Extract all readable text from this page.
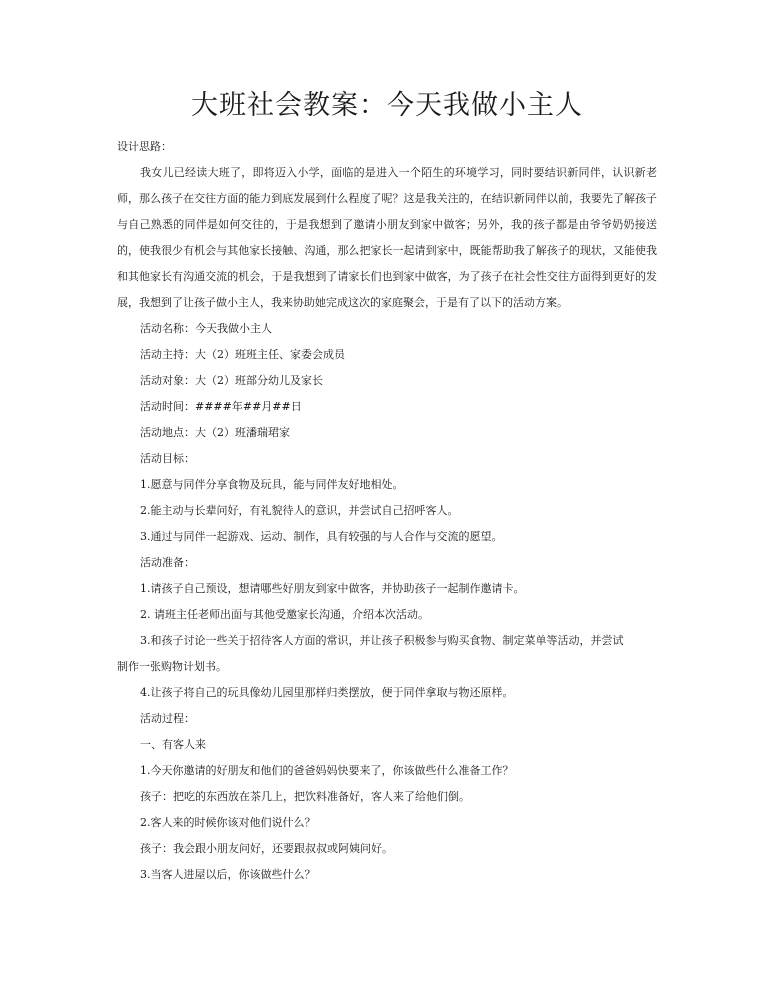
大班社会教案：今天我做小主人

设计思路：

我女儿已经读大班了，即将迈入小学，面临的是进入一个陌生的环境学习，同时要结识新同伴，认识新老师，那么孩子在交往方面的能力到底发展到什么程度了呢？这是我关注的，在结识新同伴以前，我要先了解孩子与自己熟悉的同伴是如何交往的，于是我想到了邀请小朋友到家中做客；另外，我的孩子都是由爷爷奶奶接送的，使我很少有机会与其他家长接触、沟通，那么把家长一起请到家中，既能帮助我了解孩子的现状，又能使我和其他家长有沟通交流的机会，于是我想到了请家长们也到家中做客，为了孩子在社会性交往方面得到更好的发展，我想到了让孩子做小主人，我来协助她完成这次的家庭聚会，于是有了以下的活动方案。

活动名称：今天我做小主人

活动主持：大（2）班班主任、家委会成员

活动对象：大（2）班部分幼儿及家长

活动时间：####年##月##日

活动地点：大（2）班潘瑞珺家

活动目标：

1.愿意与同伴分享食物及玩具，能与同伴友好地相处。

2.能主动与长辈问好，有礼貌待人的意识，并尝试自己招呼客人。

3.通过与同伴一起游戏、运动、制作，具有较强的与人合作与交流的愿望。

活动准备：

1.请孩子自己预设，想请哪些好朋友到家中做客，并协助孩子一起制作邀请卡。

2. 请班主任老师出面与其他受邀家长沟通，介绍本次活动。

3.和孩子讨论一些关于招待客人方面的常识，并让孩子积极参与购买食物、制定菜单等活动，并尝试

制作一张购物计划书。

4.让孩子将自己的玩具像幼儿园里那样归类摆放，便于同伴拿取与物还原样。

活动过程：

一、有客人来

1.今天你邀请的好朋友和他们的爸爸妈妈快要来了，你该做些什么准备工作？

孩子：把吃的东西放在茶几上，把饮料准备好，客人来了给他们倒。

2.客人来的时候你该对他们说什么？

孩子：我会跟小朋友问好，还要跟叔叔或阿姨问好。

3.当客人进屋以后，你该做些什么？
